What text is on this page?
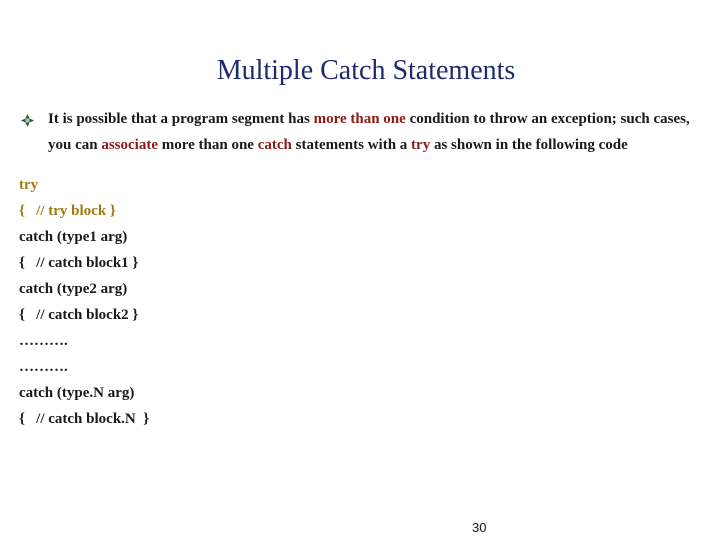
Multiple Catch Statements
It is possible that a program segment has more than one condition to throw an exception; such cases, you can associate more than one catch statements with a try as shown in the following code
try
{   // try block }
catch (type1 arg)
{   // catch block1 }
catch (type2 arg)
{   // catch block2 }
……….
……….
catch (type.N arg)
{   // catch block.N  }
30
